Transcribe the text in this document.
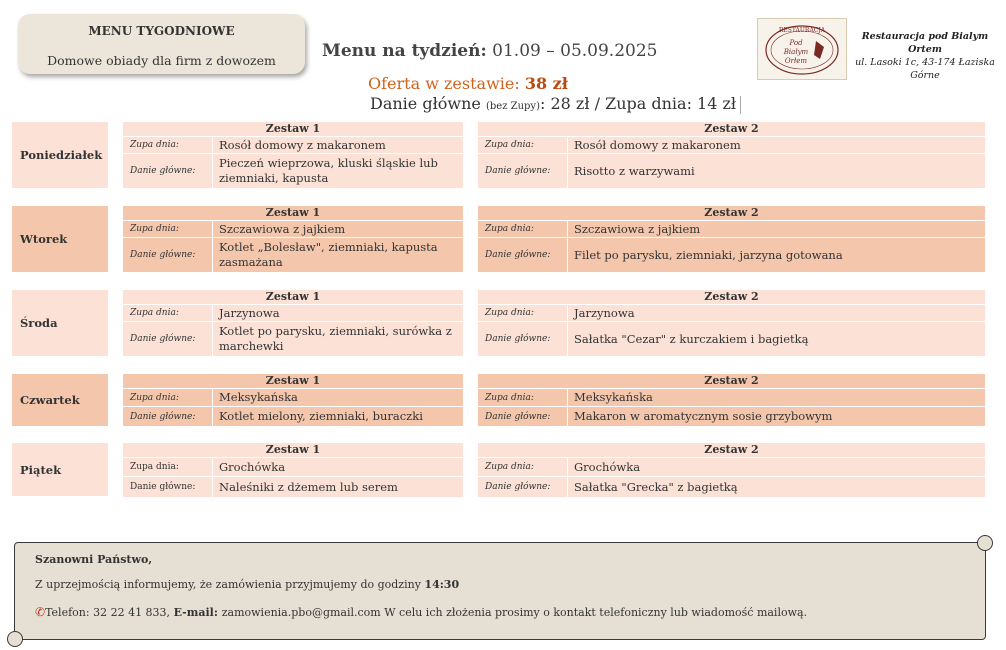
MENU TYGODNIOWE
Domowe obiady dla firm z dowozem	Menu na tydzień: 01.09 – 05.09.2025
Oferta w zestawie: 38 zł
Danie główne (bez Zupy): 28 zł / Zupa dnia: 14 zł
RESTAURACJA
Pod
Białym
Orłem
Restauracja pod Bialym Ortem
ul. Lasoki 1c, 43-174 Łaziska Górne
Poniedziałek
Zestaw 1
Zupa dnia:	Rosół domowy z makaronem
Danie główne:
Pieczeń wieprzowa, kluski śląskie lub ziemniaki, kapusta
Zestaw 2
Zupa dnia:	Rosół domowy z makaronem
Danie główne:	Risotto z warzywami
Wtorek
Zestaw 1
Zupa dnia:	Szczawiowa z jajkiem
Danie główne:
Kotlet „Bolesław", ziemniaki, kapusta zasmażana
Zestaw 2
Zupa dnia:	Szczawiowa z jajkiem
Danie główne:	Filet po parysku, ziemniaki, jarzyna gotowana
Środa
Zestaw 1
Zupa dnia:	Jarzynowa
Danie główne:
Kotlet po parysku, ziemniaki, surówka z marchewki
Zestaw 2
Zupa dnia:	Jarzynowa
Danie główne:	Sałatka "Cezar" z kurczakiem i bagietką
Czwartek
Zestaw 1
Zupa dnia:	Meksykańska
Danie główne:	Kotlet mielony, ziemniaki, buraczki
Zestaw 2
Zupa dnia:	Meksykańska
Danie główne:	Makaron w aromatycznym sosie grzybowym
Piątek
Zestaw 1
Zupa dnia:	Grochówka
Danie główne:	Naleśniki z dżemem lub serem
Zestaw 2
Zupa dnia:	Grochówka
Danie główne:	Sałatka "Grecka" z bagietką
Szanowni Państwo,
Z uprzejmością informujemy, że zamówienia przyjmujemy do godziny 14:30
✆Telefon: 32 22 41 833, E-mail: zamowienia.pbo@gmail.com W celu ich złożenia prosimy o kontakt telefoniczny lub wiadomość mailową.
